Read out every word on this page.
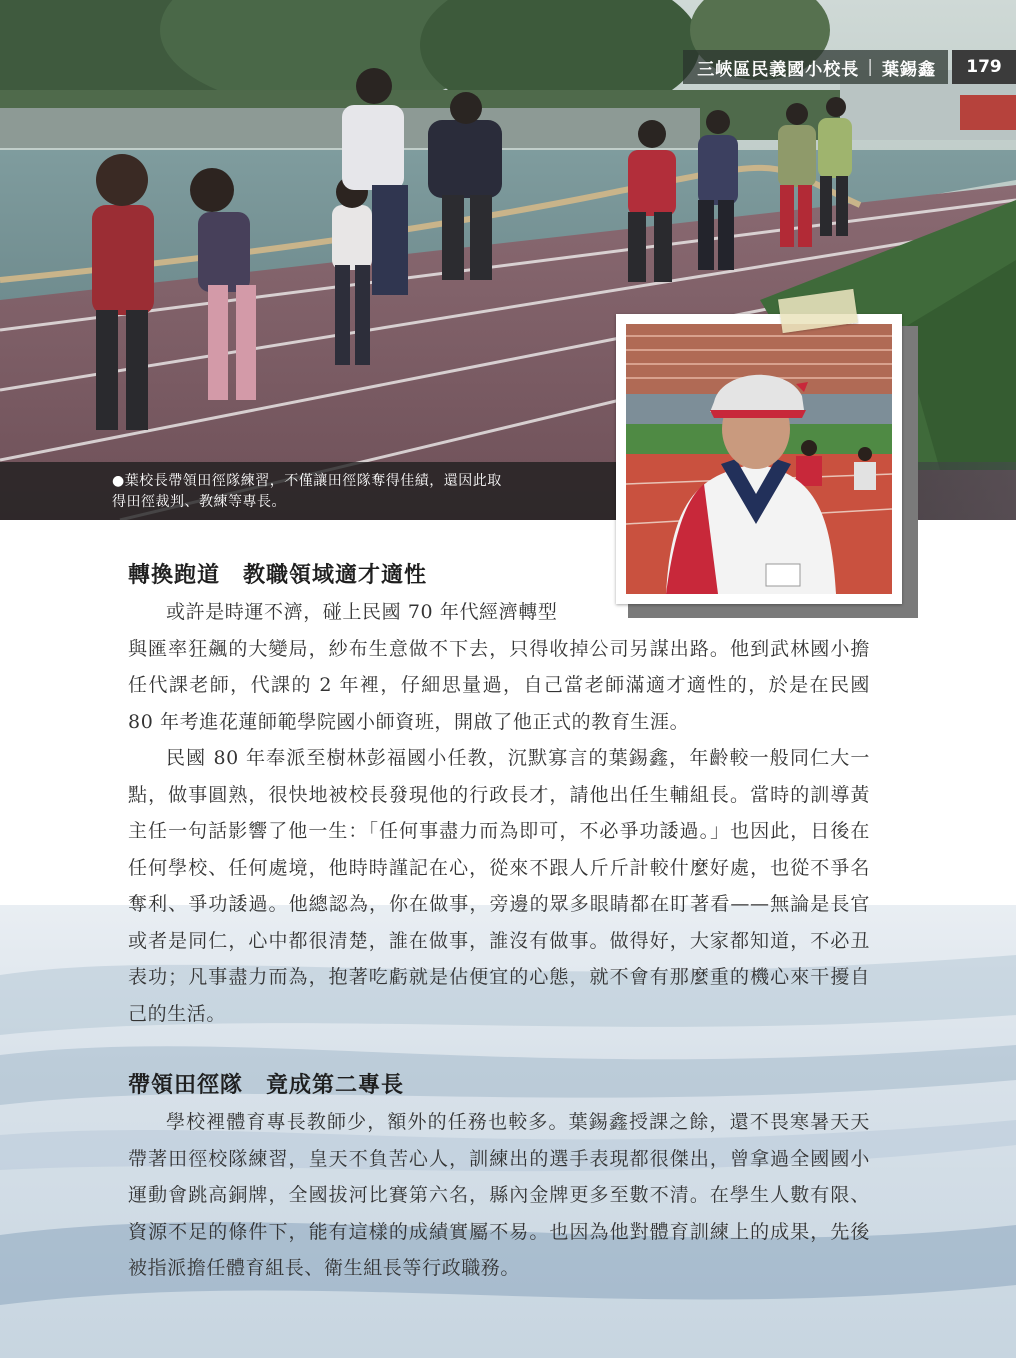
三峽區民義國小校長 | 葉錫鑫	179
●葉校長帶領田徑隊練習，不僅讓田徑隊奪得佳績，還因此取
得田徑裁判、教練等專長。
轉換跑道　教職領域適才適性

或許是時運不濟，碰上民國 70 年代經濟轉型
與匯率狂飆的大變局，紗布生意做不下去，只得收掉公司另謀出路。他到武林國小擔任代課老師，代課的 2 年裡，仔細思量過，自己當老師滿適才適性的，於是在民國 80 年考進花蓮師範學院國小師資班，開啟了他正式的教育生涯。

民國 80 年奉派至樹林彭福國小任教，沉默寡言的葉錫鑫，年齡較一般同仁大一點，做事圓熟，很快地被校長發現他的行政長才，請他出任生輔組長。當時的訓導黃主任一句話影響了他一生：「任何事盡力而為即可，不必爭功諉過。」也因此，日後在任何學校、任何處境，他時時謹記在心，從來不跟人斤斤計較什麼好處，也從不爭名奪利、爭功諉過。他總認為，你在做事，旁邊的眾多眼睛都在盯著看——無論是長官或者是同仁，心中都很清楚，誰在做事，誰沒有做事。做得好，大家都知道，不必丑表功；凡事盡力而為，抱著吃虧就是佔便宜的心態，就不會有那麼重的機心來干擾自己的生活。

帶領田徑隊　竟成第二專長

學校裡體育專長教師少，額外的任務也較多。葉錫鑫授課之餘，還不畏寒暑天天帶著田徑校隊練習，皇天不負苦心人，訓練出的選手表現都很傑出，曾拿過全國國小運動會跳高銅牌，全國拔河比賽第六名，縣內金牌更多至數不清。在學生人數有限、資源不足的條件下，能有這樣的成績實屬不易。也因為他對體育訓練上的成果，先後被指派擔任體育組長、衛生組長等行政職務。
